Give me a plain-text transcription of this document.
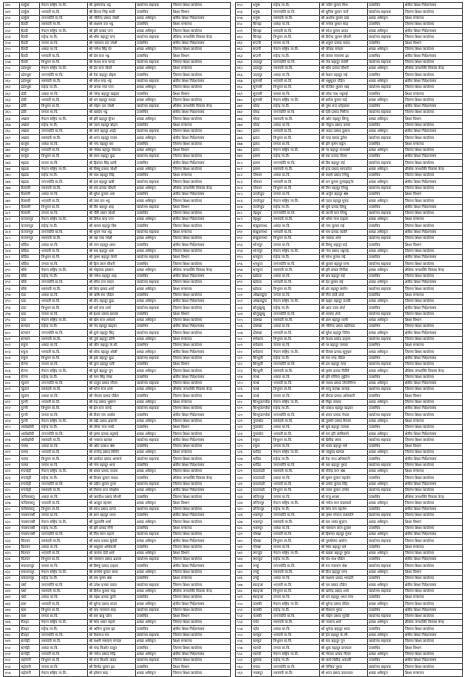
३४८	दार्चुला	नेपाल राष्ट्रिय मा.वि.	श्री कृष्णचन्द्र भट्ट	कार्यालय सहायक	जिल्ला शिक्षा कार्यालय
३४९	दार्चुला	भगवती मा.वि.	श्री दिपक सिंह धामी	उपसचिव	शिक्षा विभाग
३५०	दार्चुला	जनज्योति मा.वि.	श्री गोविन्द प्रसाद जोशी	शाखा अधिकृत	क्षेत्रीय शिक्षा निर्देशनालय
३५१	बैतडी	सरस्वती मा.वि.	श्री लक्ष्मण दत्त भट्ट	उपसचिव	शिक्षा मन्त्रालय
३५२	बैतडी	नेपाल राष्ट्रिय मा.वि.	श्री हरि प्रसाद पन्त	शाखा अधिकृत	जिल्ला शिक्षा कार्यालय
३५३	बैतडी	महेन्द्र मा.वि.	श्री भीम बहादुर चन्द	कार्यालय सहायक	शैक्षिक जनशक्ति विकास केन्द्र
३५४	बैतडी	जनता मा.वि.	श्री नारायण दत्त जोशी	उपसचिव	क्षेत्रीय शिक्षा निर्देशनालय
३५५	बैतडी	शारदा मा.वि.	श्री गणेश सिंह ऐर	शाखा अधिकृत	जिल्ला शिक्षा कार्यालय
३५६	बैतडी	भगवती मा.वि.	श्री प्रेम राज भट्ट	उपसचिव	शिक्षा विभाग
३५७	बैतडी	त्रिभुवन मा.वि.	श्री केशव राज पाण्डे	कार्यालय सहायक	जिल्ला शिक्षा कार्यालय
३५८	डडेल्धुरा	नेपाल राष्ट्रिय मा.वि.	श्री देव राज जोशी	शाखा अधिकृत	शिक्षा मन्त्रालय
३५९	डडेल्धुरा	जनज्योति मा.वि.	श्री टेक बहादुर बोहरा	उपसचिव	जिल्ला शिक्षा कार्यालय
३६०	डडेल्धुरा	सरस्वती मा.वि.	श्री रमेश चन्द्र भट्ट	कार्यालय सहायक	क्षेत्रीय शिक्षा निर्देशनालय
३६१	डडेल्धुरा	महेन्द्र मा.वि.	श्री जनक राज पन्त	शाखा अधिकृत	जिल्ला शिक्षा कार्यालय
३६२	डोटी	शारदा मा.वि.	श्री नरेन्द्र बहादुर खड्का	उपसचिव	शिक्षा विभाग
३६३	डोटी	भगवती मा.वि.	श्री धन बहादुर साउद	शाखा अधिकृत	जिल्ला शिक्षा कार्यालय
३६४	डोटी	त्रिभुवन मा.वि.	श्री मोहन दत्त जोशी	कार्यालय सहायक	शैक्षिक जनशक्ति विकास केन्द्र
३६५	डोटी	जनता मा.वि.	श्री बलदेव भट्ट	उपसचिव	क्षेत्रीय शिक्षा निर्देशनालय
३६६	अछाम	नेपाल राष्ट्रिय मा.वि.	श्री हरि बहादुर कुँवर	शाखा अधिकृत	जिल्ला शिक्षा कार्यालय
३६७	अछाम	महेन्द्र मा.वि.	श्री पदम बहादुर बोहरा	उपसचिव	शिक्षा मन्त्रालय
३६८	अछाम	जनज्योति मा.वि.	श्री कर्ण बहादुर शाही	कार्यालय सहायक	जिल्ला शिक्षा कार्यालय
३६९	अछाम	सरस्वती मा.वि.	श्री भरत बहादुर रावल	शाखा अधिकृत	क्षेत्रीय शिक्षा निर्देशनालय
३७०	बाजुरा	शारदा मा.वि.	श्री नन्द बहादुर बम	उपसचिव	जिल्ला शिक्षा कार्यालय
३७१	बाजुरा	भगवती मा.वि.	श्री गोरख बहादुर रोकाया	शाखा अधिकृत	शिक्षा विभाग
३७२	बाजुरा	त्रिभुवन मा.वि.	श्री लाल बहादुर बुढा	कार्यालय सहायक	जिल्ला शिक्षा कार्यालय
३७३	बझाङ	जनता मा.वि.	श्री हिक्मत सिंह धामी	उपसचिव	क्षेत्रीय शिक्षा निर्देशनालय
३७४	बझाङ	नेपाल राष्ट्रिय मा.वि.	श्री विष्णु प्रसाद जोशी	शाखा अधिकृत	जिल्ला शिक्षा कार्यालय
३७५	बझाङ	महेन्द्र मा.वि.	श्री चक्र बहादुर सिंह	उपसचिव	शिक्षा मन्त्रालय
३७६	बझाङ	जनज्योति मा.वि.	श्री दल बहादुर खत्री	कार्यालय सहायक	जिल्ला शिक्षा कार्यालय
३७७	कैलाली	सरस्वती मा.वि.	श्री राम प्रसाद चौधरी	शाखा अधिकृत	शैक्षिक जनशक्ति विकास केन्द्र
३७८	कैलाली	शारदा मा.वि.	श्री सुरेश कुमार थारु	उपसचिव	क्षेत्रीय शिक्षा निर्देशनालय
३७९	कैलाली	भगवती मा.वि.	श्री तारा दत्त भट्ट	शाखा अधिकृत	जिल्ला शिक्षा कार्यालय
३८०	कैलाली	त्रिभुवन मा.वि.	श्री बिर बहादुर शाह	कार्यालय सहायक	शिक्षा विभाग
३८१	कैलाली	जनता मा.वि.	श्री गौरी शंकर जोशी	उपसचिव	जिल्ला शिक्षा कार्यालय
३८२	कञ्चनपुर	नेपाल राष्ट्रिय मा.वि.	श्री दिनेश चन्द्र पन्त	शाखा अधिकृत	क्षेत्रीय शिक्षा निर्देशनालय
३८३	कञ्चनपुर	महेन्द्र मा.वि.	श्री कमल बहादुर विष्ट	उपसचिव	जिल्ला शिक्षा कार्यालय
३८४	कञ्चनपुर	जनज्योति मा.वि.	श्री भुवन राज भट्ट	कार्यालय सहायक	शिक्षा मन्त्रालय
३८५	कञ्चनपुर	सरस्वती मा.वि.	श्री यज्ञ राज जोशी	शाखा अधिकृत	जिल्ला शिक्षा कार्यालय
३८६	बर्दिया	शारदा मा.वि.	श्री मान बहादुर थापा	उपसचिव	क्षेत्रीय शिक्षा निर्देशनालय
३८७	बर्दिया	भगवती मा.वि.	श्री राम बहादुर थारु	शाखा अधिकृत	जिल्ला शिक्षा कार्यालय
३८८	बर्दिया	त्रिभुवन मा.वि.	श्री कृष्ण बहादुर केसी	कार्यालय सहायक	शिक्षा विभाग
३८९	बर्दिया	जनता मा.वि.	श्री हिरा लाल चौधरी	उपसचिव	जिल्ला शिक्षा कार्यालय
३९०	बाँके	नेपाल राष्ट्रिय मा.वि.	श्री मोहम्मद इस्लाम	शाखा अधिकृत	शैक्षिक जनशक्ति विकास केन्द्र
३९१	बाँके	महेन्द्र मा.वि.	श्री गणेश बहादुर शाह	उपसचिव	क्षेत्रीय शिक्षा निर्देशनालय
३९२	बाँके	जनज्योति मा.वि.	श्री सीता राम यादव	कार्यालय सहायक	जिल्ला शिक्षा कार्यालय
३९३	बाँके	सरस्वती मा.वि.	श्री शिव प्रसाद शर्मा	शाखा अधिकृत	शिक्षा मन्त्रालय
३९४	दाङ	शारदा मा.वि.	श्री ऋषि राम पौडेल	उपसचिव	जिल्ला शिक्षा कार्यालय
३९५	दाङ	भगवती मा.वि.	श्री टोप बहादुर बुढा	शाखा अधिकृत	क्षेत्रीय शिक्षा निर्देशनालय
३९६	दाङ	त्रिभुवन मा.वि.	श्री धर्म राज शर्मा	कार्यालय सहायक	जिल्ला शिक्षा कार्यालय
३९७	दाङ	जनता मा.वि.	श्री ईश्वर प्रसाद खनाल	उपसचिव	शिक्षा विभाग
३९८	दाङ	नेपाल राष्ट्रिय मा.वि.	श्री खेम राज आचार्य	शाखा अधिकृत	जिल्ला शिक्षा कार्यालय
३९९	सल्यान	महेन्द्र मा.वि.	श्री नेत्र बहादुर खड्का	उपसचिव	क्षेत्रीय शिक्षा निर्देशनालय
४००	सल्यान	जनज्योति मा.वि.	श्री दुर्गा बहादुर सिंह	कार्यालय सहायक	जिल्ला शिक्षा कार्यालय
४०१	सल्यान	सरस्वती मा.वि.	श्री पूर्ण बहादुर डाँगी	शाखा अधिकृत	शिक्षा मन्त्रालय
४०२	रुकुम	शारदा मा.वि.	श्री जीत बहादुर के.सी.	उपसचिव	जिल्ला शिक्षा कार्यालय
४०३	रुकुम	भगवती मा.वि.	श्री लोक बहादुर ओली	शाखा अधिकृत	क्षेत्रीय शिक्षा निर्देशनालय
४०४	रुकुम	त्रिभुवन मा.वि.	श्री हर्क बहादुर बुढा	कार्यालय सहायक	जिल्ला शिक्षा कार्यालय
४०५	रोल्पा	जनता मा.वि.	श्री कुल बहादुर घर्ती	उपसचिव	शिक्षा विभाग
४०६	रोल्पा	नेपाल राष्ट्रिय मा.वि.	श्री सुर्य बहादुर पुन	शाखा अधिकृत	जिल्ला शिक्षा कार्यालय
४०७	रोल्पा	महेन्द्र मा.वि.	श्री मान सिंह रोका	उपसचिव	क्षेत्रीय शिक्षा निर्देशनालय
४०८	प्युठान	जनज्योति मा.वि.	श्री ठाकुर प्रसाद गौतम	कार्यालय सहायक	जिल्ला शिक्षा कार्यालय
४०९	प्युठान	सरस्वती मा.वि.	श्री भोज राज शर्मा	शाखा अधिकृत	शैक्षिक जनशक्ति विकास केन्द्र
४१०	प्युठान	शारदा मा.वि.	श्री गोपाल प्रसाद पौडेल	उपसचिव	जिल्ला शिक्षा कार्यालय
४११	गुल्मी	भगवती मा.वि.	श्री रुद्र प्रसाद भुसाल	शाखा अधिकृत	शिक्षा मन्त्रालय
४१२	गुल्मी	त्रिभुवन मा.वि.	श्री हेम राज पाण्डे	कार्यालय सहायक	जिल्ला शिक्षा कार्यालय
४१३	गुल्मी	जनता मा.वि.	श्री टीका राम अर्याल	उपसचिव	क्षेत्रीय शिक्षा निर्देशनालय
४१४	गुल्मी	नेपाल राष्ट्रिय मा.वि.	श्री बद्री प्रसाद ज्ञवाली	शाखा अधिकृत	जिल्ला शिक्षा कार्यालय
४१५	अर्घाखाँची	महेन्द्र मा.वि.	श्री लीला राज पन्थी	उपसचिव	शिक्षा विभाग
४१६	अर्घाखाँची	जनज्योति मा.वि.	श्री कृष्ण प्रसाद भट्टराई	शाखा अधिकृत	जिल्ला शिक्षा कार्यालय
४१७	अर्घाखाँची	सरस्वती मा.वि.	श्री नवराज खनाल	कार्यालय सहायक	क्षेत्रीय शिक्षा निर्देशनालय
४१८	पाल्पा	शारदा मा.वि.	श्री ओम प्रकाश श्रेष्ठ	उपसचिव	जिल्ला शिक्षा कार्यालय
४१९	पाल्पा	भगवती मा.वि.	श्री राजेन्द्र प्रसाद घिमिरे	शाखा अधिकृत	शिक्षा मन्त्रालय
४२०	पाल्पा	त्रिभुवन मा.वि.	श्री दामोदर प्रसाद आचार्य	कार्यालय सहायक	जिल्ला शिक्षा कार्यालय
४२१	पाल्पा	जनता मा.वि.	श्री गंगा बहादुर थापा	उपसचिव	क्षेत्रीय शिक्षा निर्देशनालय
४२२	रुपन्देही	नेपाल राष्ट्रिय मा.वि.	श्री शंकर प्रसाद पाठक	शाखा अधिकृत	जिल्ला शिक्षा कार्यालय
४२३	रुपन्देही	महेन्द्र मा.वि.	श्री विजय कुमार यादव	उपसचिव	शैक्षिक जनशक्ति विकास केन्द्र
४२४	रुपन्देही	जनज्योति मा.वि.	श्री प्रदीप कुमार गुप्ता	कार्यालय सहायक	जिल्ला शिक्षा कार्यालय
४२५	रुपन्देही	सरस्वती मा.वि.	श्री तिलक राज पोखरेल	शाखा अधिकृत	क्षेत्रीय शिक्षा निर्देशनालय
४२६	कपिलवस्तु	शारदा मा.वि.	श्री जगदीश प्रसाद चौधरी	उपसचिव	जिल्ला शिक्षा कार्यालय
४२७	कपिलवस्तु	भगवती मा.वि.	श्री अब्दुल रहमान	शाखा अधिकृत	शिक्षा विभाग
४२८	कपिलवस्तु	त्रिभुवन मा.वि.	श्री रमेश प्रसाद पाण्डे	कार्यालय सहायक	जिल्ला शिक्षा कार्यालय
४२९	नवलपरासी	जनता मा.वि.	श्री ज्ञान बहादुर थापा	उपसचिव	क्षेत्रीय शिक्षा निर्देशनालय
४३०	नवलपरासी	नेपाल राष्ट्रिय मा.वि.	श्री चूडामणि शर्मा	शाखा अधिकृत	जिल्ला शिक्षा कार्यालय
४३१	नवलपरासी	महेन्द्र मा.वि.	श्री हरि प्रसाद गिरी	उपसचिव	शिक्षा मन्त्रालय
४३२	नवलपरासी	जनज्योति मा.वि.	श्री मित्र लाल महतो	कार्यालय सहायक	जिल्ला शिक्षा कार्यालय
४३३	चितवन	सरस्वती मा.वि.	श्री श्याम प्रसाद सुवेदी	शाखा अधिकृत	क्षेत्रीय शिक्षा निर्देशनालय
४३४	चितवन	शारदा मा.वि.	श्री बाबुराम अधिकारी	उपसचिव	जिल्ला शिक्षा कार्यालय
४३५	चितवन	भगवती मा.वि.	श्री कमला देवी शर्मा	शाखा अधिकृत	शिक्षा विभाग
४३६	चितवन	त्रिभुवन मा.वि.	श्री नारायण प्रसाद ढकाल	कार्यालय सहायक	जिल्ला शिक्षा कार्यालय
४३७	मकवानपुर	जनता मा.वि.	श्री बिष्णु प्रसाद दाहाल	उपसचिव	क्षेत्रीय शिक्षा निर्देशनालय
४३८	मकवानपुर	नेपाल राष्ट्रिय मा.वि.	श्री सन्तोष कुमार लामा	शाखा अधिकृत	जिल्ला शिक्षा कार्यालय
४३९	मकवानपुर	महेन्द्र मा.वि.	श्री राम कृष्ण श्रेष्ठ	उपसचिव	शिक्षा मन्त्रालय
४४०	पर्सा	जनज्योति मा.वि.	श्री उमेश प्रसाद यादव	कार्यालय सहायक	जिल्ला शिक्षा कार्यालय
४४१	पर्सा	सरस्वती मा.वि.	श्री दिनेश कुमार साह	शाखा अधिकृत	शैक्षिक जनशक्ति विकास केन्द्र
४४२	पर्सा	शारदा मा.वि.	श्री महेश प्रसाद कुर्मी	उपसचिव	जिल्ला शिक्षा कार्यालय
४४३	बारा	भगवती मा.वि.	श्री सुरेन्द्र प्रसाद यादव	शाखा अधिकृत	क्षेत्रीय शिक्षा निर्देशनालय
४४४	बारा	त्रिभुवन मा.वि.	श्री जय नारायण साह	कार्यालय सहायक	जिल्ला शिक्षा कार्यालय
४४५	बारा	जनता मा.वि.	श्री राम बाबु पटेल	उपसचिव	शिक्षा विभाग
४४६	रौतहट	नेपाल राष्ट्रिय मा.वि.	श्री शिव शंकर महतो	शाखा अधिकृत	जिल्ला शिक्षा कार्यालय
४४७	रौतहट	महेन्द्र मा.वि.	श्री अनिल कुमार झा	उपसचिव	क्षेत्रीय शिक्षा निर्देशनालय
४४८	रौतहट	जनज्योति मा.वि.	श्री बैजनाथ राय	कार्यालय सहायक	जिल्ला शिक्षा कार्यालय
४४९	सर्लाही	सरस्वती मा.वि.	श्री लक्ष्मी नारायण मण्डल	शाखा अधिकृत	शिक्षा मन्त्रालय
४५०	सर्लाही	शारदा मा.वि.	श्री चन्द्र किशोर ठाकुर	उपसचिव	जिल्ला शिक्षा कार्यालय
४५१	सर्लाही	भगवती मा.वि.	श्री गणेश प्रसाद सिंह	शाखा अधिकृत	क्षेत्रीय शिक्षा निर्देशनालय
४५२	महोत्तरी	त्रिभुवन मा.वि.	श्री राज किशोर यादव	कार्यालय सहायक	जिल्ला शिक्षा कार्यालय
४५३	महोत्तरी	जनता मा.वि.	श्री विनोद कुमार झा	उपसचिव	शिक्षा विभाग
४५४	महोत्तरी	नेपाल राष्ट्रिय मा.वि.	श्री हरेराम साह	शाखा अधिकृत	जिल्ला शिक्षा कार्यालय
४५५	धनुषा	महेन्द्र मा.वि.	श्री नवीन कुमार मिश्र	उपसचिव	क्षेत्रीय शिक्षा निर्देशनालय
४५६	धनुषा	जनज्योति मा.वि.	श्री सुनिल कुमार कर्ण	कार्यालय सहायक	जिल्ला शिक्षा कार्यालय
४५७	धनुषा	सरस्वती मा.वि.	श्री अशोक कुमार दास	शाखा अधिकृत	शिक्षा मन्त्रालय
४५८	सिराहा	शारदा मा.वि.	श्री मनोज कुमार साह	उपसचिव	जिल्ला शिक्षा कार्यालय
४५९	सिराहा	भगवती मा.वि.	श्री रमेश कुमार यादव	शाखा अधिकृत	क्षेत्रीय शिक्षा निर्देशनालय
४६०	सिराहा	त्रिभुवन मा.वि.	श्री दिपेन्द्र कुमार चौधरी	कार्यालय सहायक	जिल्ला शिक्षा कार्यालय
४६१	सप्तरी	जनता मा.वि.	श्री शत्रुघ्न प्रसाद यादव	उपसचिव	शिक्षा विभाग
४६२	सप्तरी	नेपाल राष्ट्रिय मा.वि.	श्री जीवछ मण्डल	शाखा अधिकृत	जिल्ला शिक्षा कार्यालय
४६३	सप्तरी	महेन्द्र मा.वि.	श्री कमल नारायण झा	उपसचिव	क्षेत्रीय शिक्षा निर्देशनालय
४६४	उदयपुर	जनज्योति मा.वि.	श्री तेज बहादुर कार्की	कार्यालय सहायक	जिल्ला शिक्षा कार्यालय
४६५	उदयपुर	सरस्वती मा.वि.	श्री भीम प्रसाद चौधरी	शाखा अधिकृत	शैक्षिक जनशक्ति विकास केन्द्र
४६६	उदयपुर	शारदा मा.वि.	श्री केदार बहादुर राई	उपसचिव	जिल्ला शिक्षा कार्यालय
४६७	सुनसरी	भगवती मा.वि.	श्री मधुसुदन पौडेल	शाखा अधिकृत	क्षेत्रीय शिक्षा निर्देशनालय
४६८	सुनसरी	त्रिभुवन मा.वि.	श्री रञ्जित कुमार साह	कार्यालय सहायक	जिल्ला शिक्षा कार्यालय
४६९	सुनसरी	जनता मा.वि.	श्री लोक नाथ भट्टराई	उपसचिव	शिक्षा मन्त्रालय
४७०	सुनसरी	नेपाल राष्ट्रिय मा.वि.	श्री सरोज कुमार राई	शाखा अधिकृत	जिल्ला शिक्षा कार्यालय
४७१	मोरङ	महेन्द्र मा.वि.	श्री पुष्प राज कोइराला	उपसचिव	क्षेत्रीय शिक्षा निर्देशनालय
४७२	मोरङ	जनज्योति मा.वि.	श्री देवी प्रसाद निरौला	कार्यालय सहायक	जिल्ला शिक्षा कार्यालय
४७३	मोरङ	सरस्वती मा.वि.	श्री ओम बहादुर लिम्बु	शाखा अधिकृत	शिक्षा विभाग
४७४	मोरङ	शारदा मा.वि.	श्री गोकुल प्रसाद बराल	उपसचिव	जिल्ला शिक्षा कार्यालय
४७५	झापा	भगवती मा.वि.	श्री यादव प्रसाद दुलाल	शाखा अधिकृत	क्षेत्रीय शिक्षा निर्देशनालय
४७६	झापा	त्रिभुवन मा.वि.	श्री चन्द्र प्रसाद ढुंगेल	कार्यालय सहायक	जिल्ला शिक्षा कार्यालय
४७७	झापा	जनता मा.वि.	श्री हरि कृष्ण कट्टेल	उपसचिव	शिक्षा मन्त्रालय
४७८	झापा	नेपाल राष्ट्रिय मा.वि.	श्री नर बहादुर राजवंशी	शाखा अधिकृत	जिल्ला शिक्षा कार्यालय
४७९	इलाम	महेन्द्र मा.वि.	श्री टंक प्रसाद गौतम	उपसचिव	क्षेत्रीय शिक्षा निर्देशनालय
४८०	इलाम	जनज्योति मा.वि.	श्री बिर बहादुर राई	कार्यालय सहायक	जिल्ला शिक्षा कार्यालय
४८१	इलाम	सरस्वती मा.वि.	श्री इन्द्र प्रसाद सापकोटा	शाखा अधिकृत	शैक्षिक जनशक्ति विकास केन्द्र
४८२	पाँचथर	शारदा मा.वि.	श्री लक्ष्मी प्रसाद लिम्बु	उपसचिव	जिल्ला शिक्षा कार्यालय
४८३	पाँचथर	भगवती मा.वि.	श्री धन कुमार तुम्बाहाङ्फे	शाखा अधिकृत	क्षेत्रीय शिक्षा निर्देशनालय
४८४	पाँचथर	त्रिभुवन मा.वि.	श्री मिन बहादुर लिम्बु	कार्यालय सहायक	जिल्ला शिक्षा कार्यालय
४८५	ताप्लेजुङ	जनता मा.वि.	श्री अर्जुन बहादुर श्रेष्ठ	उपसचिव	शिक्षा विभाग
४८६	ताप्लेजुङ	नेपाल राष्ट्रिय मा.वि.	श्री पदम बहादुर गुरुङ	शाखा अधिकृत	जिल्ला शिक्षा कार्यालय
४८७	ताप्लेजुङ	महेन्द्र मा.वि.	श्री सुर्य प्रसाद लिम्बु	उपसचिव	क्षेत्रीय शिक्षा निर्देशनालय
४८८	तेह्रथुम	जनज्योति मा.वि.	श्री काजी मान लिम्बु	कार्यालय सहायक	जिल्ला शिक्षा कार्यालय
४८९	तेह्रथुम	सरस्वती मा.वि.	श्री भोला नाथ दाहाल	शाखा अधिकृत	शिक्षा मन्त्रालय
४९०	संखुवासभा	शारदा मा.वि.	श्री नन्द कुमार राई	उपसचिव	जिल्ला शिक्षा कार्यालय
४९१	संखुवासभा	भगवती मा.वि.	श्री राम प्रसाद कार्की	शाखा अधिकृत	क्षेत्रीय शिक्षा निर्देशनालय
४९२	संखुवासभा	त्रिभुवन मा.वि.	श्री पासाङ शेर्पा	कार्यालय सहायक	जिल्ला शिक्षा कार्यालय
४९३	भोजपुर	जनता मा.वि.	श्री विष्णु बहादुर राई	उपसचिव	शिक्षा विभाग
४९४	भोजपुर	नेपाल राष्ट्रिय मा.वि.	श्री गंगा प्रसाद भट्टराई	शाखा अधिकृत	जिल्ला शिक्षा कार्यालय
४९५	धनकुटा	महेन्द्र मा.वि.	श्री रमेश कुमार राई	उपसचिव	क्षेत्रीय शिक्षा निर्देशनालय
४९६	धनकुटा	जनज्योति मा.वि.	श्री कुमार बहादुर मगर	कार्यालय सहायक	जिल्ला शिक्षा कार्यालय
४९७	धनकुटा	सरस्वती मा.वि.	श्री हरि प्रसाद निरौला	शाखा अधिकृत	शैक्षिक जनशक्ति विकास केन्द्र
४९८	खोटाङ	शारदा मा.वि.	श्री छत्र बहादुर राई	उपसचिव	जिल्ला शिक्षा कार्यालय
४९९	खोटाङ	भगवती मा.वि.	श्री देव कुमार राई	शाखा अधिकृत	क्षेत्रीय शिक्षा निर्देशनालय
५००	खोटाङ	त्रिभुवन मा.वि.	श्री शेर बहादुर बस्नेत	कार्यालय सहायक	जिल्ला शिक्षा कार्यालय
५०१	ओखलढुंगा	जनता मा.वि.	श्री निम दोर्जे शेर्पा	उपसचिव	शिक्षा मन्त्रालय
५०२	ओखलढुंगा	नेपाल राष्ट्रिय मा.वि.	श्री खड्ग बहादुर कार्की	शाखा अधिकृत	जिल्ला शिक्षा कार्यालय
५०३	सोलुखुम्बु	महेन्द्र मा.वि.	श्री आङ दावा शेर्पा	उपसचिव	क्षेत्रीय शिक्षा निर्देशनालय
५०४	सोलुखुम्बु	जनज्योति मा.वि.	श्री लाक्पा शेर्पा	कार्यालय सहायक	जिल्ला शिक्षा कार्यालय
५०५	दोलखा	सरस्वती मा.वि.	श्री ज्ञान बहादुर थामी	शाखा अधिकृत	शिक्षा विभाग
५०६	दोलखा	शारदा मा.वि.	श्री गोविन्द प्रसाद खतिवडा	उपसचिव	जिल्ला शिक्षा कार्यालय
५०७	दोलखा	भगवती मा.वि.	श्री सुरेश बहादुर जिरेल	शाखा अधिकृत	क्षेत्रीय शिक्षा निर्देशनालय
५०८	रामेछाप	त्रिभुवन मा.वि.	श्री केशव प्रसाद दाहाल	कार्यालय सहायक	जिल्ला शिक्षा कार्यालय
५०९	रामेछाप	जनता मा.वि.	श्री नर बहादुर तामाङ	उपसचिव	शिक्षा मन्त्रालय
५१०	रामेछाप	नेपाल राष्ट्रिय मा.वि.	श्री विमल प्रसाद सुनुवार	शाखा अधिकृत	जिल्ला शिक्षा कार्यालय
५११	सिन्धुली	महेन्द्र मा.वि.	श्री राम चन्द्र पौडेल	उपसचिव	क्षेत्रीय शिक्षा निर्देशनालय
५१२	सिन्धुली	जनज्योति मा.वि.	श्री दल बहादुर मगर	कार्यालय सहायक	जिल्ला शिक्षा कार्यालय
५१३	सिन्धुली	सरस्वती मा.वि.	श्री कृष्ण प्रसाद घिमिरे	शाखा अधिकृत	शैक्षिक जनशक्ति विकास केन्द्र
५१४	काभ्रे	शारदा मा.वि.	श्री हरि गोविन्द लुइँटेल	उपसचिव	जिल्ला शिक्षा कार्यालय
५१५	काभ्रे	भगवती मा.वि.	श्री माधव प्रसाद तिमल्सिना	शाखा अधिकृत	क्षेत्रीय शिक्षा निर्देशनालय
५१६	काभ्रे	त्रिभुवन मा.वि.	श्री सानु कान्छा तामाङ	कार्यालय सहायक	जिल्ला शिक्षा कार्यालय
५१७	काभ्रे	जनता मा.वि.	श्री दीपक प्रसाद अधिकारी	उपसचिव	शिक्षा विभाग
५१८	सिन्धुपाल्चोक	नेपाल राष्ट्रिय मा.वि.	श्री मिङ्मा तामाङ	शाखा अधिकृत	जिल्ला शिक्षा कार्यालय
५१९	सिन्धुपाल्चोक	महेन्द्र मा.वि.	श्री प्रकाश बहादुर खड्का	उपसचिव	क्षेत्रीय शिक्षा निर्देशनालय
५२०	सिन्धुपाल्चोक	जनज्योति मा.वि.	श्री शंकर प्रसाद नेपाल	कार्यालय सहायक	जिल्ला शिक्षा कार्यालय
५२१	नुवाकोट	सरस्वती मा.वि.	श्री तुलसी प्रसाद रिमाल	शाखा अधिकृत	शिक्षा मन्त्रालय
५२२	नुवाकोट	शारदा मा.वि.	श्री सुर्य बहादुर तामाङ	उपसचिव	जिल्ला शिक्षा कार्यालय
५२३	नुवाकोट	भगवती मा.वि.	श्री राम हरि लामिछाने	शाखा अधिकृत	क्षेत्रीय शिक्षा निर्देशनालय
५२४	रसुवा	त्रिभुवन मा.वि.	श्री छिरिङ लामा	कार्यालय सहायक	जिल्ला शिक्षा कार्यालय
५२५	रसुवा	जनता मा.वि.	श्री भक्त बहादुर घले	उपसचिव	शिक्षा विभाग
५२६	धादिङ	नेपाल राष्ट्रिय मा.वि.	श्री वासुदेव खनाल	शाखा अधिकृत	जिल्ला शिक्षा कार्यालय
५२७	धादिङ	महेन्द्र मा.वि.	श्री टेक नाथ अधिकारी	उपसचिव	क्षेत्रीय शिक्षा निर्देशनालय
५२८	धादिङ	जनज्योति मा.वि.	श्री बल बहादुर गुरुङ	कार्यालय सहायक	जिल्ला शिक्षा कार्यालय
५२९	काठमाडौं	सरस्वती मा.वि.	श्री रविन्द्र मान श्रेष्ठ	शाखा अधिकृत	शिक्षा मन्त्रालय
५३०	काठमाडौं	शारदा मा.वि.	श्री सुमन कुमार महर्जन	उपसचिव	जिल्ला शिक्षा कार्यालय
५३१	काठमाडौं	भगवती मा.वि.	श्री प्रमोद कुमार सिंह	शाखा अधिकृत	क्षेत्रीय शिक्षा निर्देशनालय
५३२	काठमाडौं	त्रिभुवन मा.वि.	श्री उत्तम कुमार डंगोल	कार्यालय सहायक	जिल्ला शिक्षा कार्यालय
५३३	ललितपुर	जनता मा.वि.	श्री राजु शाक्य	उपसचिव	शैक्षिक जनशक्ति विकास केन्द्र
५३४	ललितपुर	नेपाल राष्ट्रिय मा.वि.	श्री गणेश मान बज्राचार्य	शाखा अधिकृत	जिल्ला शिक्षा कार्यालय
५३५	ललितपुर	महेन्द्र मा.वि.	श्री शिव राम महर्जन	उपसचिव	क्षेत्रीय शिक्षा निर्देशनालय
५३६	भक्तपुर	जनज्योति मा.वि.	श्री कृष्ण गोपाल प्रजापति	कार्यालय सहायक	जिल्ला शिक्षा कार्यालय
५३७	भक्तपुर	सरस्वती मा.वि.	श्री राम भक्त सुवाल	शाखा अधिकृत	शिक्षा विभाग
५३८	भक्तपुर	शारदा मा.वि.	श्री नारायण लाल दुवाल	उपसचिव	जिल्ला शिक्षा कार्यालय
५३९	गोरखा	भगवती मा.वि.	श्री हिक्मत बहादुर गुरुङ	शाखा अधिकृत	क्षेत्रीय शिक्षा निर्देशनालय
५४०	गोरखा	त्रिभुवन मा.वि.	श्री पुरुषोत्तम अर्याल	कार्यालय सहायक	जिल्ला शिक्षा कार्यालय
५४१	गोरखा	जनता मा.वि.	श्री भिम बहादुर घले	उपसचिव	शिक्षा मन्त्रालय
५४२	लमजुङ	नेपाल राष्ट्रिय मा.वि.	श्री खडक बहादुर गुरुङ	शाखा अधिकृत	जिल्ला शिक्षा कार्यालय
५४३	लमजुङ	महेन्द्र मा.वि.	श्री चेत नाथ पौडेल	उपसचिव	क्षेत्रीय शिक्षा निर्देशनालय
५४४	तनहुँ	जनज्योति मा.वि.	श्री रुप नारायण श्रेष्ठ	कार्यालय सहायक	जिल्ला शिक्षा कार्यालय
५४५	तनहुँ	सरस्वती मा.वि.	श्री दिल बहादुर मगर	शाखा अधिकृत	शिक्षा विभाग
५४६	तनहुँ	शारदा मा.वि.	श्री लक्ष्मण प्रसाद भण्डारी	उपसचिव	जिल्ला शिक्षा कार्यालय
५४७	स्याङ्जा	भगवती मा.वि.	श्री यम प्रसाद पौडेल	शाखा अधिकृत	क्षेत्रीय शिक्षा निर्देशनालय
५४८	स्याङ्जा	त्रिभुवन मा.वि.	श्री खगेन्द्र प्रसाद शर्मा	कार्यालय सहायक	जिल्ला शिक्षा कार्यालय
५४९	स्याङ्जा	जनता मा.वि.	श्री धन बहादुर थापा मगर	उपसचिव	शिक्षा मन्त्रालय
५५०	कास्की	नेपाल राष्ट्रिय मा.वि.	श्री सुरेन्द्र प्रसाद पौडेल	शाखा अधिकृत	जिल्ला शिक्षा कार्यालय
५५१	कास्की	महेन्द्र मा.वि.	श्री विकास गुरुङ	उपसचिव	क्षेत्रीय शिक्षा निर्देशनालय
५५२	कास्की	जनज्योति मा.वि.	श्री मोहन प्रसाद सुवेदी	कार्यालय सहायक	जिल्ला शिक्षा कार्यालय
५५३	पर्वत	सरस्वती मा.वि.	श्री नवराज शर्मा	शाखा अधिकृत	शैक्षिक जनशक्ति विकास केन्द्र
५५४	पर्वत	शारदा मा.वि.	श्री भुपेन्द्र बहादुर थापा	उपसचिव	जिल्ला शिक्षा कार्यालय
५५५	बाग्लुङ	भगवती मा.वि.	श्री हेम बहादुर के.सी.	शाखा अधिकृत	क्षेत्रीय शिक्षा निर्देशनालय
५५६	बाग्लुङ	त्रिभुवन मा.वि.	श्री राम बहादुर पुन	कार्यालय सहायक	जिल्ला शिक्षा कार्यालय
५५७	म्याग्दी	जनता मा.वि.	श्री शुक्र बहादुर छन्त्याल	उपसचिव	शिक्षा विभाग
५५८	म्याग्दी	नेपाल राष्ट्रिय मा.वि.	श्री गोपाल प्रसाद गौतम	शाखा अधिकृत	जिल्ला शिक्षा कार्यालय
५५९	मुस्ताङ	महेन्द्र मा.वि.	श्री कर्मा छिरिङ थकाली	उपसचिव	क्षेत्रीय शिक्षा निर्देशनालय
५६०	मनाङ	जनज्योति मा.वि.	श्री तेन्जिङ गुरुङ	कार्यालय सहायक	जिल्ला शिक्षा कार्यालय
५६१	नवलपुर	सरस्वती मा.वि.	श्री भरत प्रसाद उपाध्याय	शाखा अधिकृत	शिक्षा मन्त्रालय
